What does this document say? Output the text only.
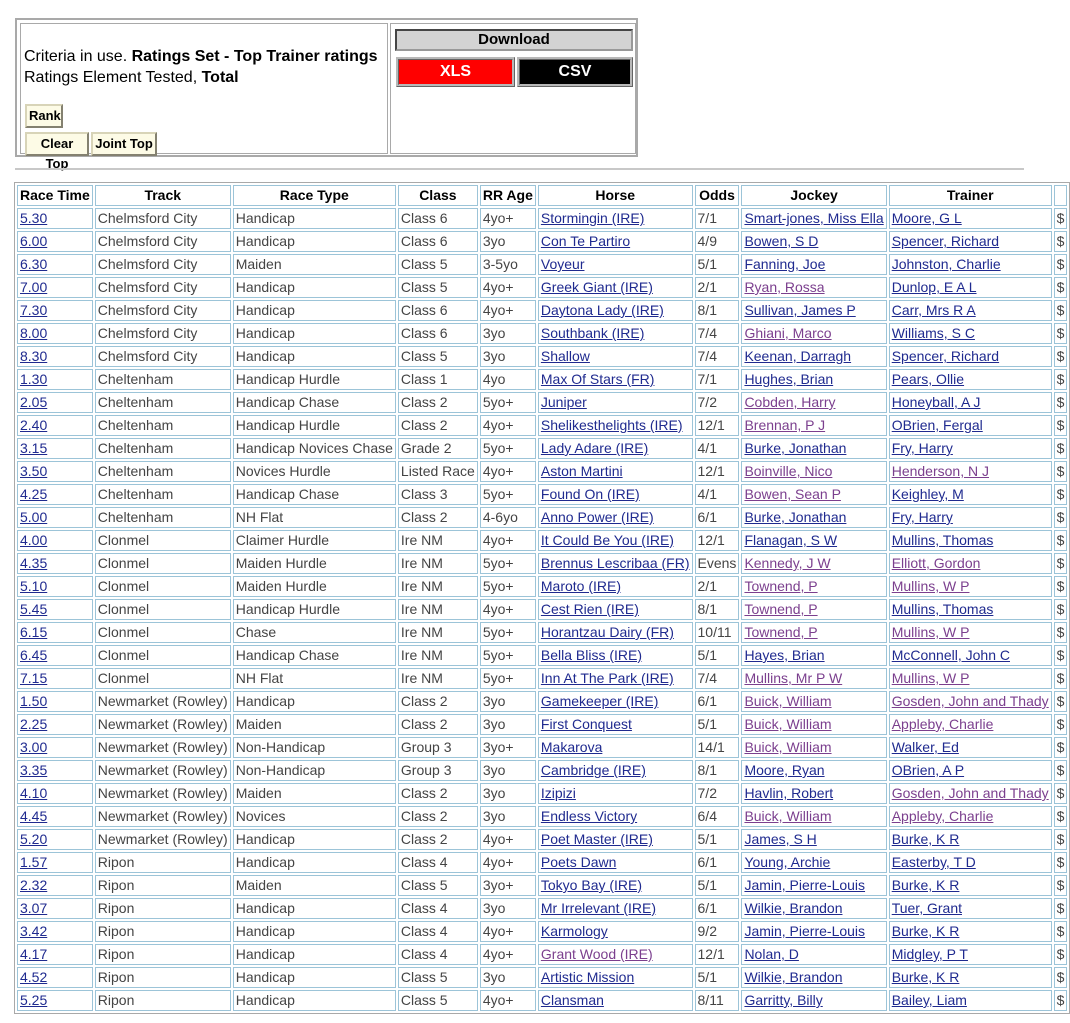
Criteria in use. Ratings Set - Top Trainer ratings
Ratings Element Tested, Total
Rank
Clear Top
Joint Top
Download
XLS	CSV
Race Time	Track	Race Type	Class	RR Age	Horse	Odds	Jockey	Trainer	
5.30	Chelmsford City	Handicap	Class 6	4yo+	Stormingin (IRE)	7/1	Smart-jones, Miss Ella	Moore, G L	$
6.00	Chelmsford City	Handicap	Class 6	3yo	Con Te Partiro	4/9	Bowen, S D	Spencer, Richard	$
6.30	Chelmsford City	Maiden	Class 5	3-5yo	Voyeur	5/1	Fanning, Joe	Johnston, Charlie	$
7.00	Chelmsford City	Handicap	Class 5	4yo+	Greek Giant (IRE)	2/1	Ryan, Rossa	Dunlop, E A L	$
7.30	Chelmsford City	Handicap	Class 6	4yo+	Daytona Lady (IRE)	8/1	Sullivan, James P	Carr, Mrs R A	$
8.00	Chelmsford City	Handicap	Class 6	3yo	Southbank (IRE)	7/4	Ghiani, Marco	Williams, S C	$
8.30	Chelmsford City	Handicap	Class 5	3yo	Shallow	7/4	Keenan, Darragh	Spencer, Richard	$
1.30	Cheltenham	Handicap Hurdle	Class 1	4yo	Max Of Stars (FR)	7/1	Hughes, Brian	Pears, Ollie	$
2.05	Cheltenham	Handicap Chase	Class 2	5yo+	Juniper	7/2	Cobden, Harry	Honeyball, A J	$
2.40	Cheltenham	Handicap Hurdle	Class 2	4yo+	Shelikesthelights (IRE)	12/1	Brennan, P J	OBrien, Fergal	$
3.15	Cheltenham	Handicap Novices Chase	Grade 2	5yo+	Lady Adare (IRE)	4/1	Burke, Jonathan	Fry, Harry	$
3.50	Cheltenham	Novices Hurdle	Listed Race	4yo+	Aston Martini	12/1	Boinville, Nico	Henderson, N J	$
4.25	Cheltenham	Handicap Chase	Class 3	5yo+	Found On (IRE)	4/1	Bowen, Sean P	Keighley, M	$
5.00	Cheltenham	NH Flat	Class 2	4-6yo	Anno Power (IRE)	6/1	Burke, Jonathan	Fry, Harry	$
4.00	Clonmel	Claimer Hurdle	Ire NM	4yo+	It Could Be You (IRE)	12/1	Flanagan, S W	Mullins, Thomas	$
4.35	Clonmel	Maiden Hurdle	Ire NM	5yo+	Brennus Lescribaa (FR)	Evens	Kennedy, J W	Elliott, Gordon	$
5.10	Clonmel	Maiden Hurdle	Ire NM	5yo+	Maroto (IRE)	2/1	Townend, P	Mullins, W P	$
5.45	Clonmel	Handicap Hurdle	Ire NM	4yo+	Cest Rien (IRE)	8/1	Townend, P	Mullins, Thomas	$
6.15	Clonmel	Chase	Ire NM	5yo+	Horantzau Dairy (FR)	10/11	Townend, P	Mullins, W P	$
6.45	Clonmel	Handicap Chase	Ire NM	5yo+	Bella Bliss (IRE)	5/1	Hayes, Brian	McConnell, John C	$
7.15	Clonmel	NH Flat	Ire NM	5yo+	Inn At The Park (IRE)	7/4	Mullins, Mr P W	Mullins, W P	$
1.50	Newmarket (Rowley)	Handicap	Class 2	3yo	Gamekeeper (IRE)	6/1	Buick, William	Gosden, John and Thady	$
2.25	Newmarket (Rowley)	Maiden	Class 2	3yo	First Conquest	5/1	Buick, William	Appleby, Charlie	$
3.00	Newmarket (Rowley)	Non-Handicap	Group 3	3yo+	Makarova	14/1	Buick, William	Walker, Ed	$
3.35	Newmarket (Rowley)	Non-Handicap	Group 3	3yo	Cambridge (IRE)	8/1	Moore, Ryan	OBrien, A P	$
4.10	Newmarket (Rowley)	Maiden	Class 2	3yo	Izipizi	7/2	Havlin, Robert	Gosden, John and Thady	$
4.45	Newmarket (Rowley)	Novices	Class 2	3yo	Endless Victory	6/4	Buick, William	Appleby, Charlie	$
5.20	Newmarket (Rowley)	Handicap	Class 2	4yo+	Poet Master (IRE)	5/1	James, S H	Burke, K R	$
1.57	Ripon	Handicap	Class 4	4yo+	Poets Dawn	6/1	Young, Archie	Easterby, T D	$
2.32	Ripon	Maiden	Class 5	3yo+	Tokyo Bay (IRE)	5/1	Jamin, Pierre-Louis	Burke, K R	$
3.07	Ripon	Handicap	Class 4	3yo	Mr Irrelevant (IRE)	6/1	Wilkie, Brandon	Tuer, Grant	$
3.42	Ripon	Handicap	Class 4	4yo+	Karmology	9/2	Jamin, Pierre-Louis	Burke, K R	$
4.17	Ripon	Handicap	Class 4	4yo+	Grant Wood (IRE)	12/1	Nolan, D	Midgley, P T	$
4.52	Ripon	Handicap	Class 5	3yo	Artistic Mission	5/1	Wilkie, Brandon	Burke, K R	$
5.25	Ripon	Handicap	Class 5	4yo+	Clansman	8/11	Garritty, Billy	Bailey, Liam	$
